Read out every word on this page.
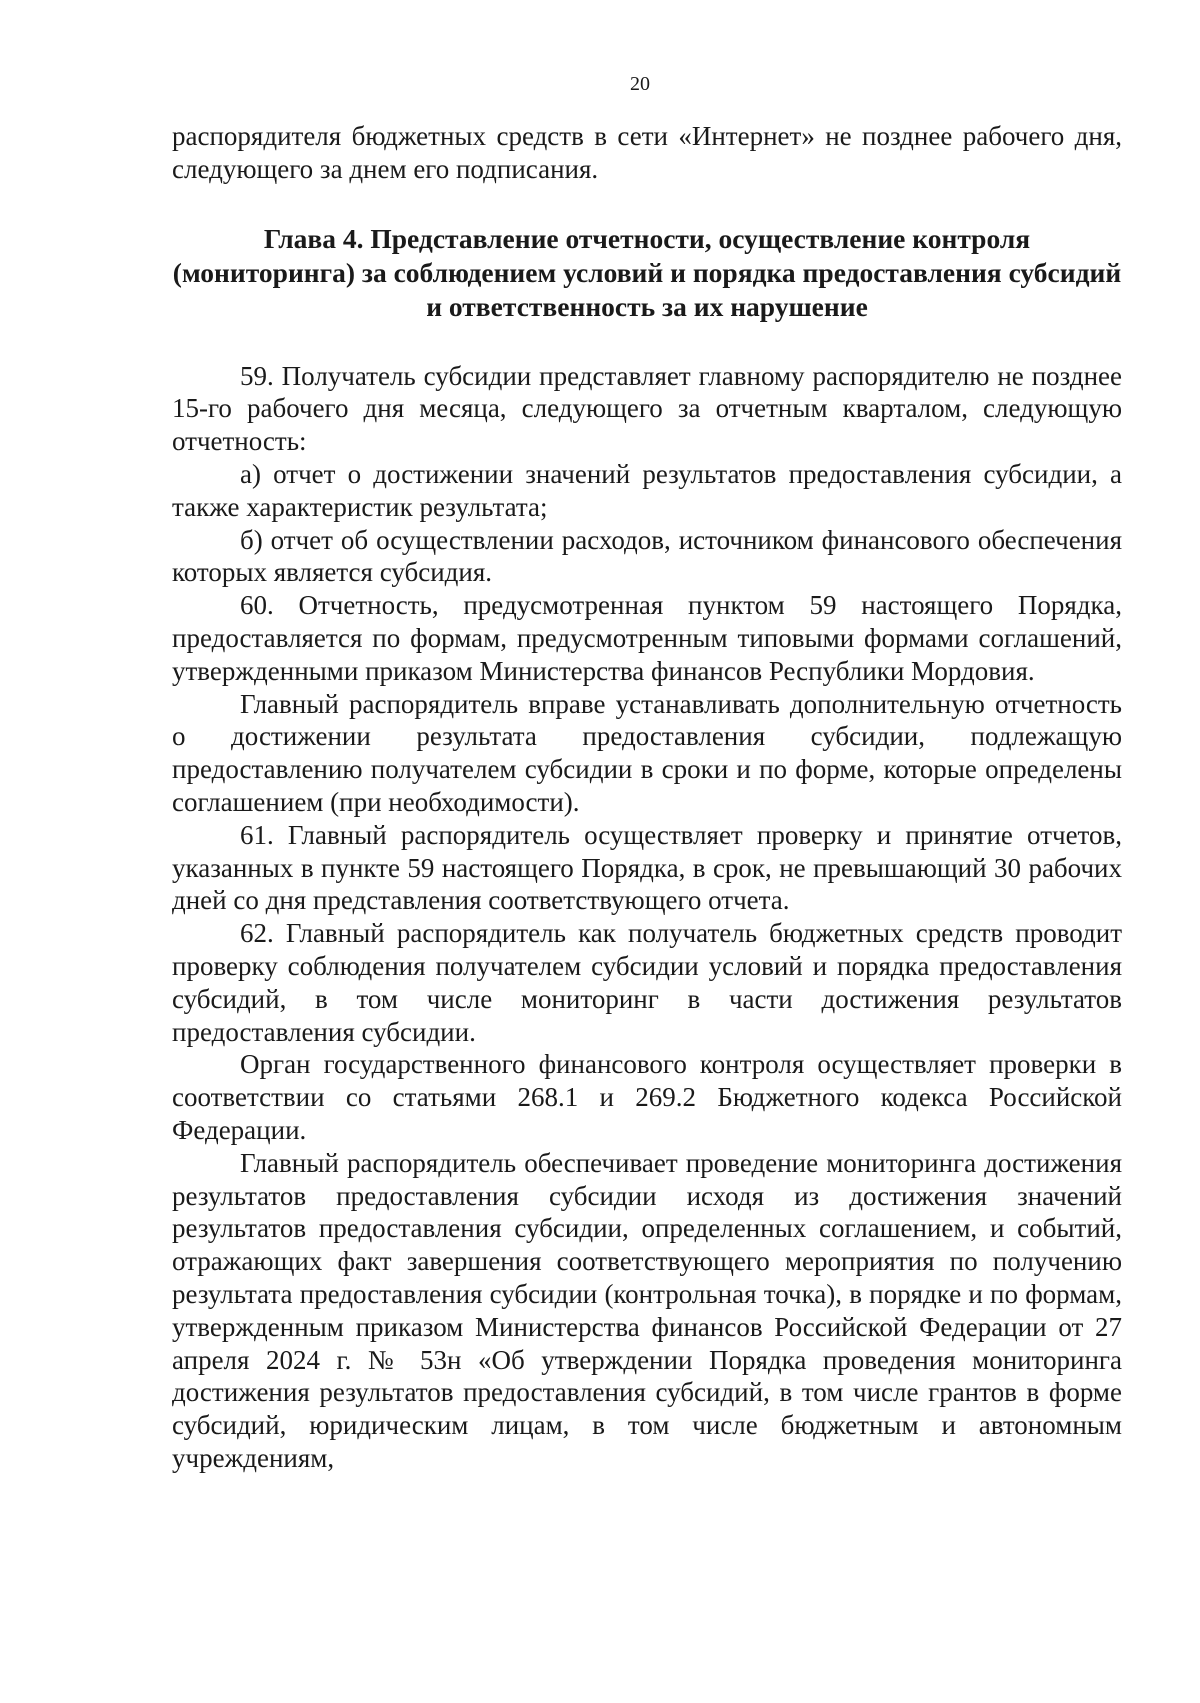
20

распорядителя бюджетных средств в сети «Интернет» не позднее рабочего дня, следующего за днем его подписания.

Глава 4. Представление отчетности, осуществление контроля (мониторинга) за соблюдением условий и порядка предоставления субсидий и ответственность за их нарушение

59. Получатель субсидии представляет главному распорядителю не позднее 15-го рабочего дня месяца, следующего за отчетным кварталом, следующую отчетность:

а) отчет о достижении значений результатов предоставления субсидии, а также характеристик результата;

б) отчет об осуществлении расходов, источником финансового обеспечения которых является субсидия.

60. Отчетность, предусмотренная пунктом 59 настоящего Порядка, предоставляется по формам, предусмотренным типовыми формами соглашений, утвержденными приказом Министерства финансов Республики Мордовия.

Главный распорядитель вправе устанавливать дополнительную отчетность о достижении результата предоставления субсидии, подлежащую предоставлению получателем субсидии в сроки и по форме, которые определены соглашением (при необходимости).

61. Главный распорядитель осуществляет проверку и принятие отчетов, указанных в пункте 59 настоящего Порядка, в срок, не превышающий 30 рабочих дней со дня представления соответствующего отчета.

62. Главный распорядитель как получатель бюджетных средств проводит проверку соблюдения получателем субсидии условий и порядка предоставления субсидий, в том числе мониторинг в части достижения результатов предоставления субсидии.

Орган государственного финансового контроля осуществляет проверки в соответствии со статьями 268.1 и 269.2 Бюджетного кодекса Российской Федерации.

Главный распорядитель обеспечивает проведение мониторинга достижения результатов предоставления субсидии исходя из достижения значений результатов предоставления субсидии, определенных соглашением, и событий, отражающих факт завершения соответствующего мероприятия по получению результата предоставления субсидии (контрольная точка), в порядке и по формам, утвержденным приказом Министерства финансов Российской Федерации от 27 апреля 2024 г. № 53н «Об утверждении Порядка проведения мониторинга достижения результатов предоставления субсидий, в том числе грантов в форме субсидий, юридическим лицам, в том числе бюджетным и автономным учреждениям,
